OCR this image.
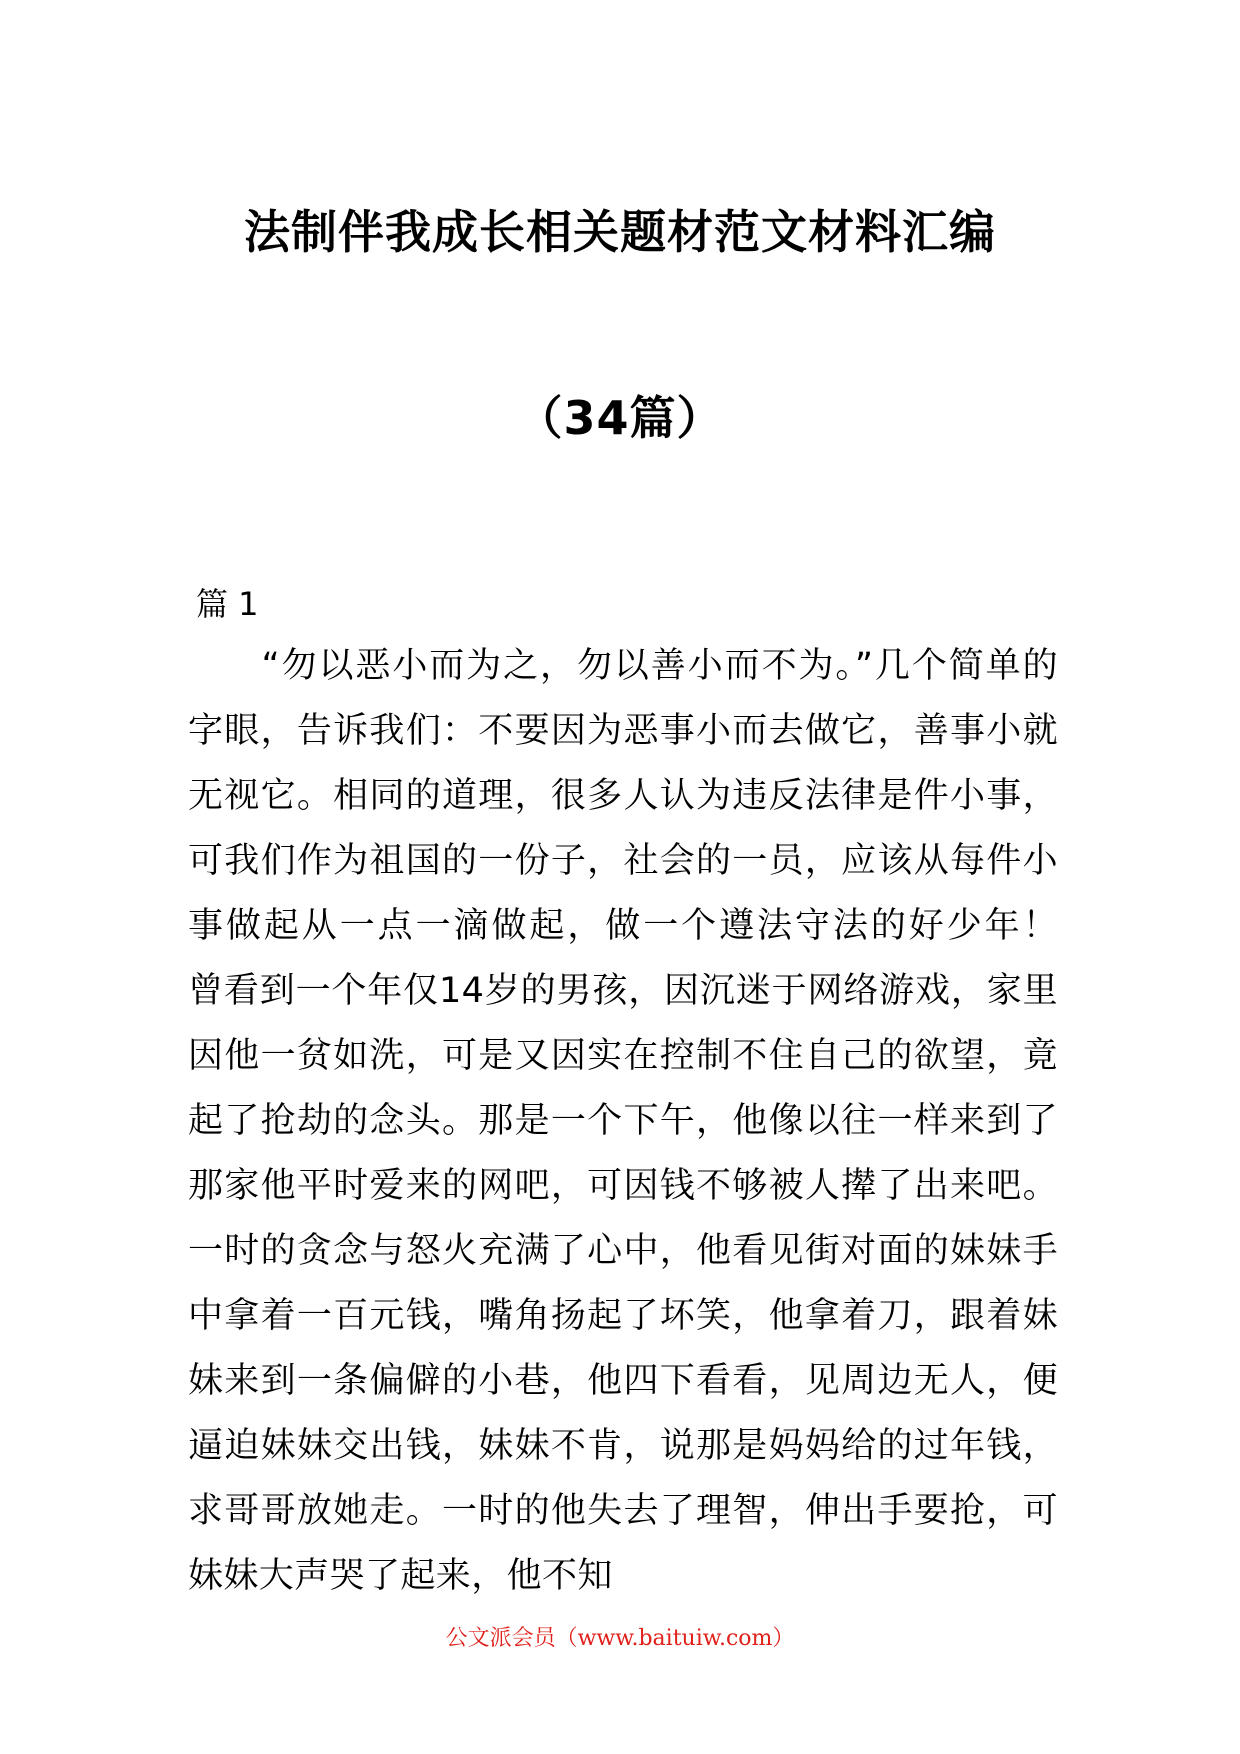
法制伴我成长相关题材范文材料汇编
（34篇）

篇 1

“勿以恶小而为之，勿以善小而不为。”几个简单的字眼，告诉我们：不要因为恶事小而去做它，善事小就无视它。相同的道理，很多人认为违反法律是件小事，可我们作为祖国的一份子，社会的一员，应该从每件小事做起从一点一滴做起，做一个遵法守法的好少年！　　曾看到一个年仅14岁的男孩，因沉迷于网络游戏，家里因他一贫如洗，可是又因实在控制不住自己的欲望，竟起了抢劫的念头。那是一个下午，他像以往一样来到了那家他平时爱来的网吧，可因钱不够被人撵了出来吧。一时的贪念与怒火充满了心中，他看见街对面的妹妹手中拿着一百元钱，嘴角扬起了坏笑，他拿着刀，跟着妹妹来到一条偏僻的小巷，他四下看看，见周边无人，便逼迫妹妹交出钱，妹妹不肯，说那是妈妈给的过年钱，求哥哥放她走。一时的他失去了理智，伸出手要抢，可妹妹大声哭了起来，他不知

公文派会员（www.baituiw.com）
